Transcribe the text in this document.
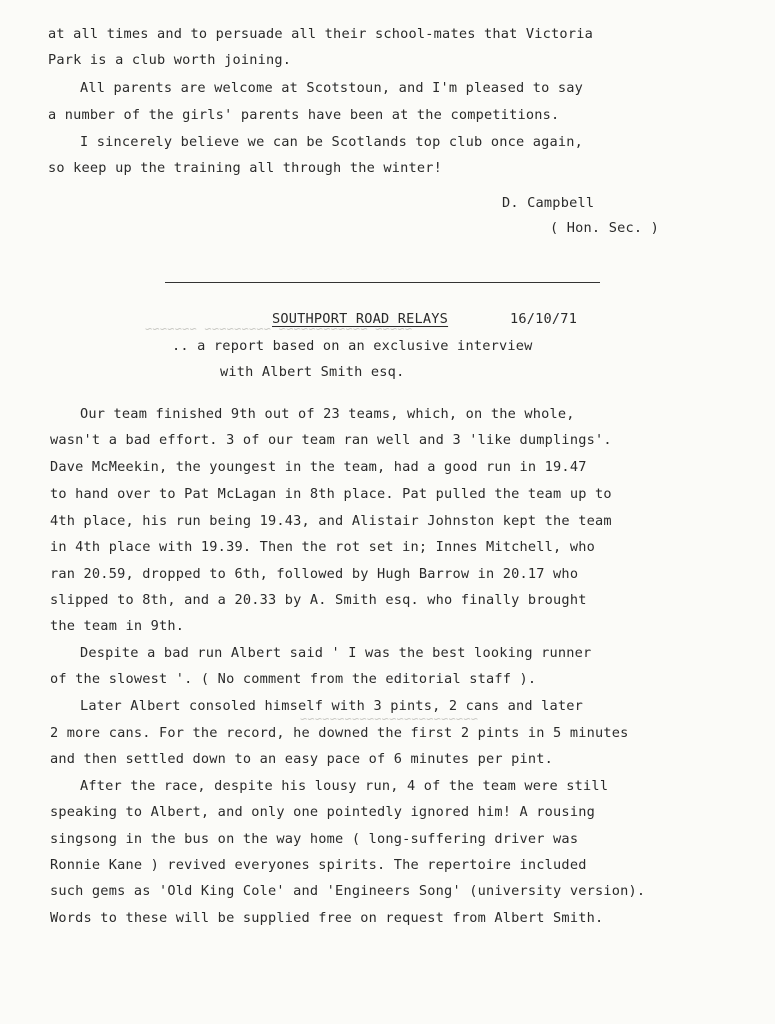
~~~~~~~ ~~~~~~~~~ ~~~~~~~~~~~~ ~~~~~
~~~~~~~~~~~~~~~~~~~~~~~~
at all times and to persuade all their school-mates that Victoria
Park is a club worth joining.
All parents are welcome at Scotstoun, and I'm pleased to say
a number of the girls' parents have been at the competitions.
I sincerely believe we can be Scotlands top club once again,
so keep up the training all through the winter!
D. Campbell
( Hon. Sec. )
SOUTHPORT ROAD RELAYS	16/10/71
.. a report based on an exclusive interview
with Albert Smith esq.
Our team finished 9th out of 23 teams, which, on the whole,
wasn't a bad effort. 3 of our team ran well and 3 'like dumplings'.
Dave McMeekin, the youngest in the team, had a good run in 19.47
to hand over to Pat McLagan in 8th place. Pat pulled the team up to
4th place, his run being 19.43, and Alistair Johnston kept the team
in 4th place with 19.39. Then the rot set in; Innes Mitchell, who
ran 20.59, dropped to 6th, followed by Hugh Barrow in 20.17 who
slipped to 8th, and a 20.33 by A. Smith esq. who finally brought
the team in 9th.
Despite a bad run Albert said ' I was the best looking runner
of the slowest '. ( No comment from the editorial staff ).
Later Albert consoled himself with 3 pints, 2 cans and later
2 more cans. For the record, he downed the first 2 pints in 5 minutes
and then settled down to an easy pace of 6 minutes per pint.
After the race, despite his lousy run, 4 of the team were still
speaking to Albert, and only one pointedly ignored him! A rousing
singsong in the bus on the way home ( long-suffering driver was
Ronnie Kane ) revived everyones spirits. The repertoire included
such gems as 'Old King Cole' and 'Engineers Song' (university version).
Words to these will be supplied free on request from Albert Smith.
